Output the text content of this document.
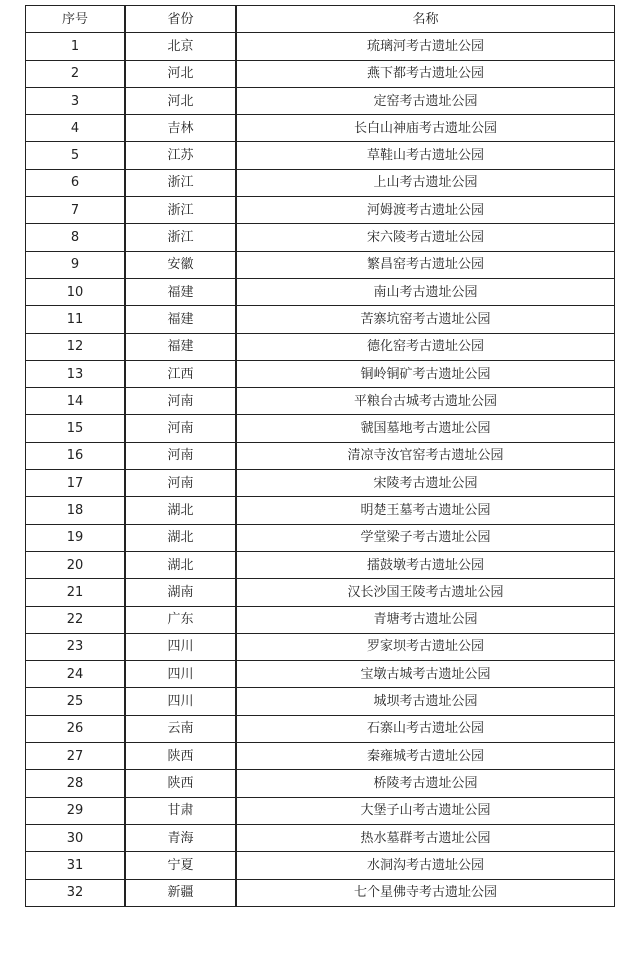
序号	省份	名称
1	北京	琉璃河考古遗址公园
2	河北	燕下都考古遗址公园
3	河北	定窑考古遗址公园
4	吉林	长白山神庙考古遗址公园
5	江苏	草鞋山考古遗址公园
6	浙江	上山考古遗址公园
7	浙江	河姆渡考古遗址公园
8	浙江	宋六陵考古遗址公园
9	安徽	繁昌窑考古遗址公园
10	福建	南山考古遗址公园
11	福建	苦寨坑窑考古遗址公园
12	福建	德化窑考古遗址公园
13	江西	铜岭铜矿考古遗址公园
14	河南	平粮台古城考古遗址公园
15	河南	虢国墓地考古遗址公园
16	河南	清凉寺汝官窑考古遗址公园
17	河南	宋陵考古遗址公园
18	湖北	明楚王墓考古遗址公园
19	湖北	学堂梁子考古遗址公园
20	湖北	擂鼓墩考古遗址公园
21	湖南	汉长沙国王陵考古遗址公园
22	广东	青塘考古遗址公园
23	四川	罗家坝考古遗址公园
24	四川	宝墩古城考古遗址公园
25	四川	城坝考古遗址公园
26	云南	石寨山考古遗址公园
27	陕西	秦雍城考古遗址公园
28	陕西	桥陵考古遗址公园
29	甘肃	大堡子山考古遗址公园
30	青海	热水墓群考古遗址公园
31	宁夏	水洞沟考古遗址公园
32	新疆	七个星佛寺考古遗址公园
